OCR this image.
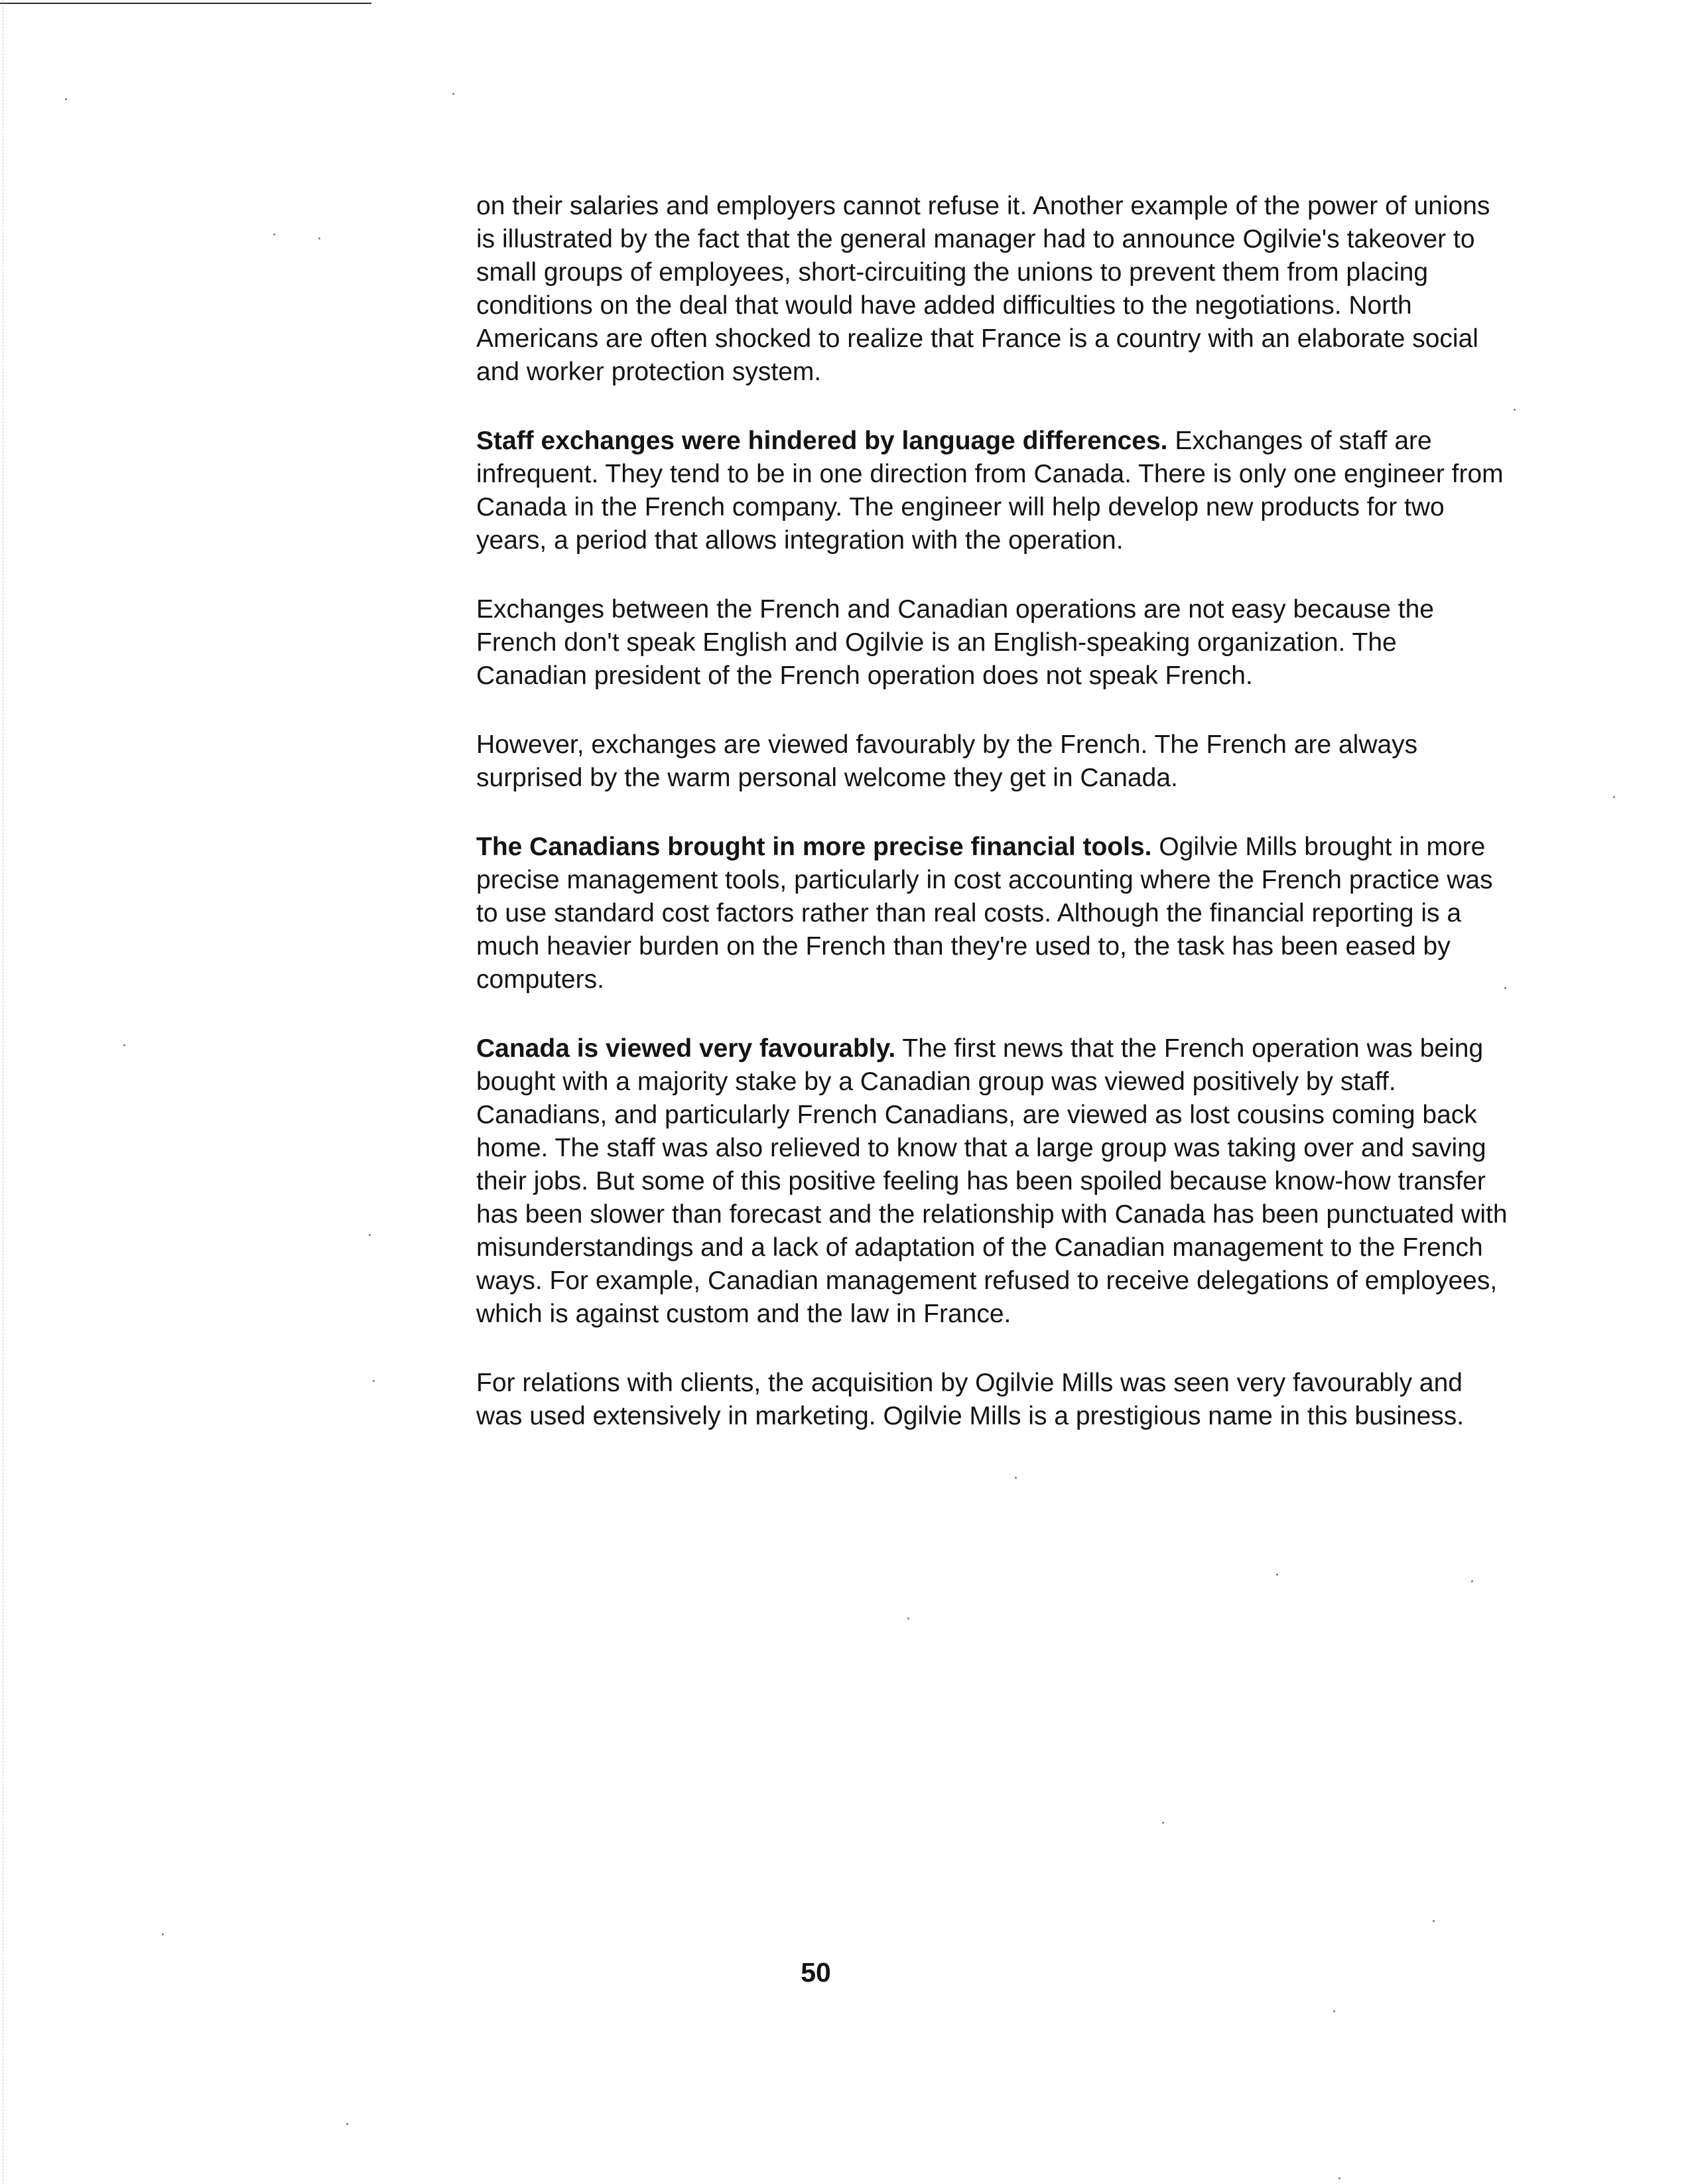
on their salaries and employers cannot refuse it. Another example of the power of unions is illustrated by the fact that the general manager had to announce Ogilvie's takeover to small groups of employees, short-circuiting the unions to prevent them from placing conditions on the deal that would have added difficulties to the negotiations. North Americans are often shocked to realize that France is a country with an elaborate social and worker protection system.

Staff exchanges were hindered by language differences. Exchanges of staff are infrequent. They tend to be in one direction from Canada. There is only one engineer from Canada in the French company. The engineer will help develop new products for two years, a period that allows integration with the operation.

Exchanges between the French and Canadian operations are not easy because the French don't speak English and Ogilvie is an English-speaking organization. The Canadian president of the French operation does not speak French.

However, exchanges are viewed favourably by the French. The French are always surprised by the warm personal welcome they get in Canada.

The Canadians brought in more precise financial tools. Ogilvie Mills brought in more precise management tools, particularly in cost accounting where the French practice was to use standard cost factors rather than real costs. Although the financial reporting is a much heavier burden on the French than they're used to, the task has been eased by computers.

Canada is viewed very favourably. The first news that the French operation was being bought with a majority stake by a Canadian group was viewed positively by staff. Canadians, and particularly French Canadians, are viewed as lost cousins coming back home. The staff was also relieved to know that a large group was taking over and saving their jobs. But some of this positive feeling has been spoiled because know-how transfer has been slower than forecast and the relationship with Canada has been punctuated with misunderstandings and a lack of adaptation of the Canadian management to the French ways. For example, Canadian management refused to receive delegations of employees, which is against custom and the law in France.

For relations with clients, the acquisition by Ogilvie Mills was seen very favourably and was used extensively in marketing. Ogilvie Mills is a prestigious name in this business.

50
